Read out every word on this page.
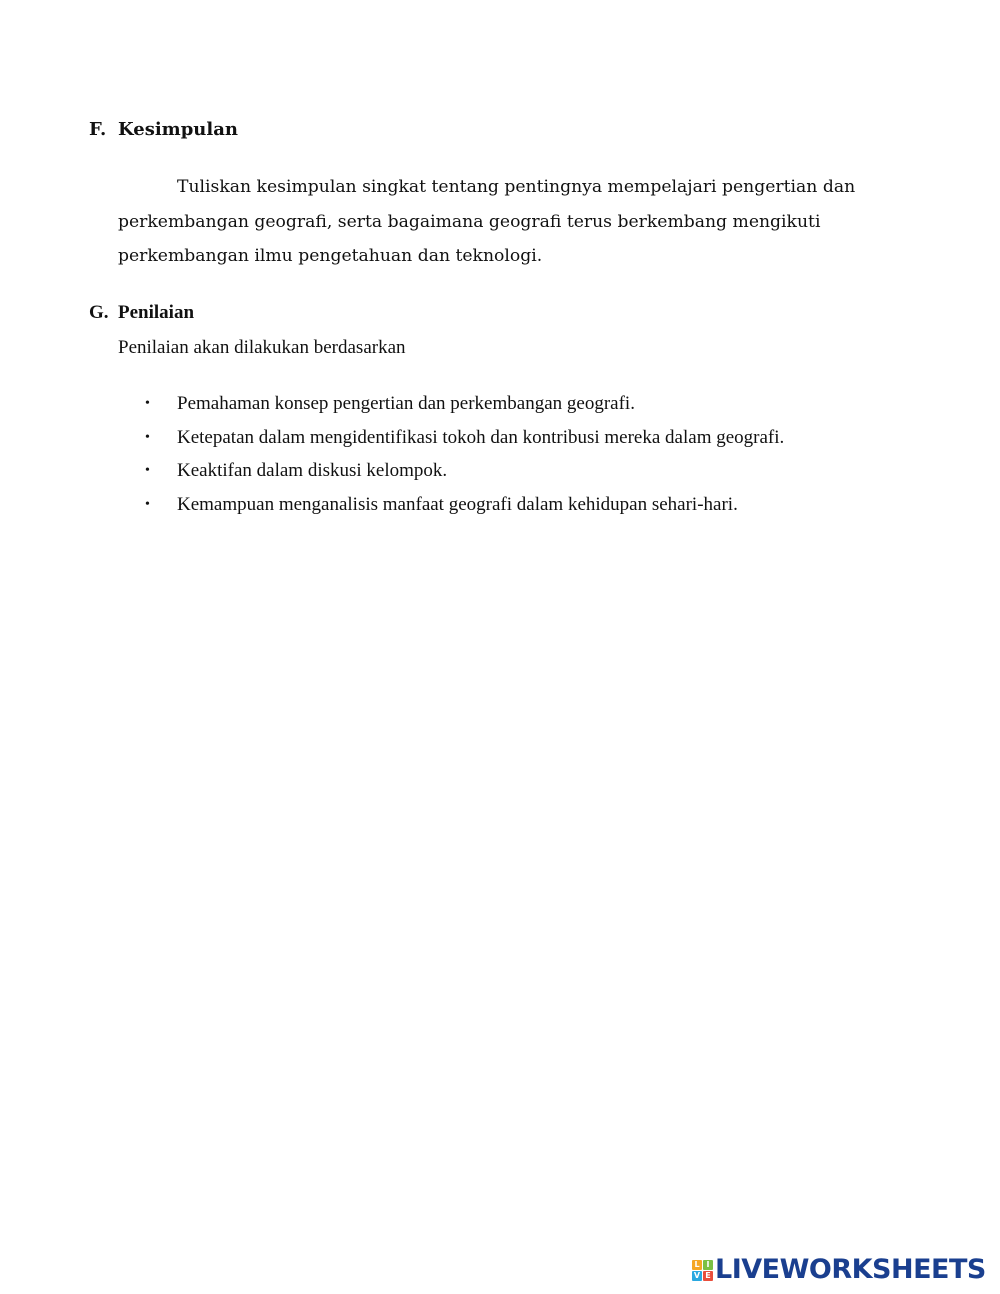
F. Kesimpulan
Tuliskan kesimpulan singkat tentang pentingnya mempelajari pengertian dan
perkembangan geografi, serta bagaimana geografi terus berkembang mengikuti
perkembangan ilmu pengetahuan dan teknologi.
G. Penilaian
Penilaian akan dilakukan berdasarkan
• Pemahaman konsep pengertian dan perkembangan geografi.
• Ketepatan dalam mengidentifikasi tokoh dan kontribusi mereka dalam geografi.
• Keaktifan dalam diskusi kelompok.
• Kemampuan menganalisis manfaat geografi dalam kehidupan sehari-hari.
L I
V E LIVEWORKSHEETS
